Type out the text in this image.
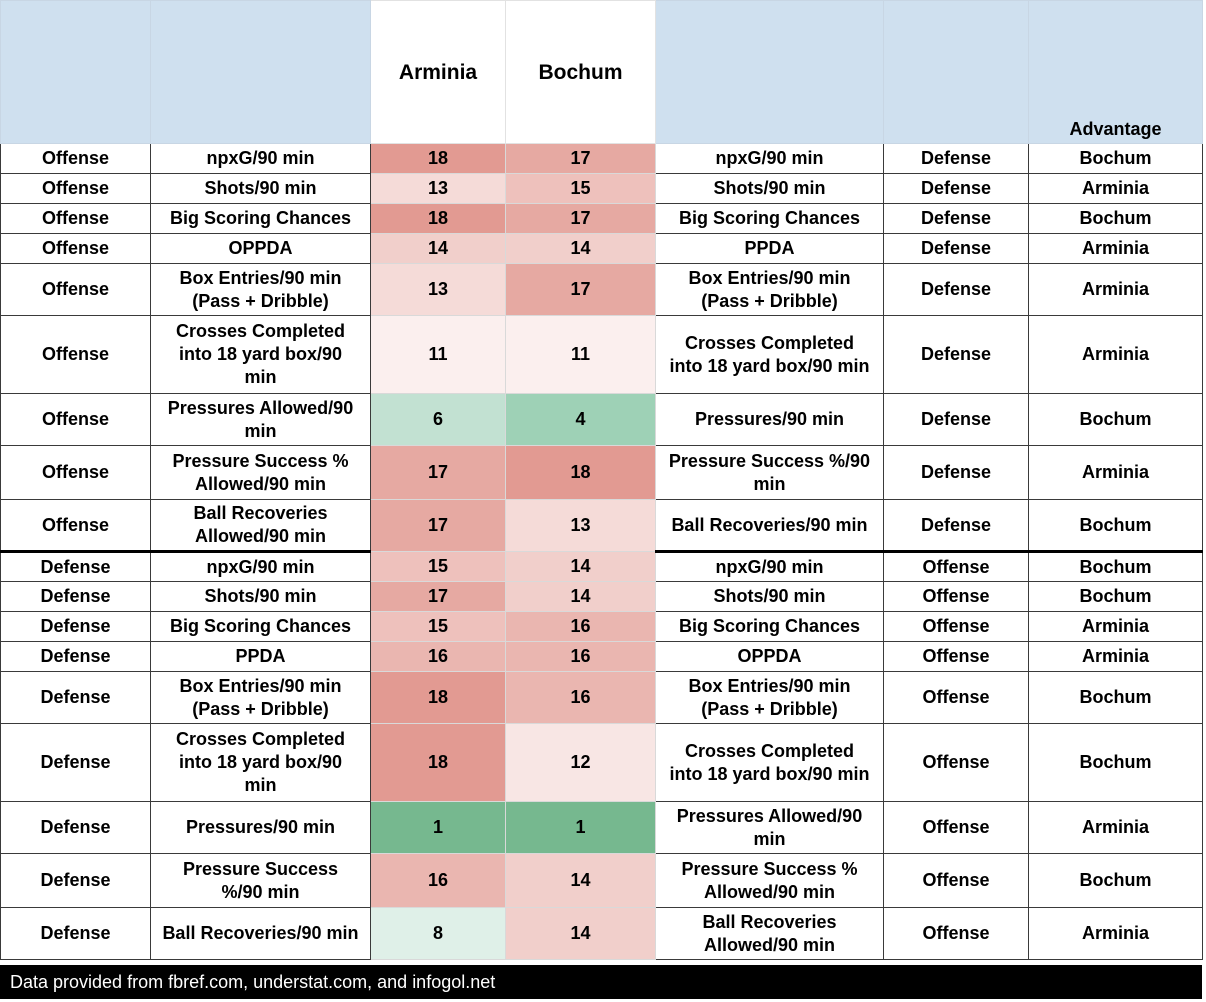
		Arminia	Bochum			Advantage
Offense	npxG/90 min	18	17	npxG/90 min	Defense	Bochum
Offense	Shots/90 min	13	15	Shots/90 min	Defense	Arminia
Offense	Big Scoring Chances	18	17	Big Scoring Chances	Defense	Bochum
Offense	OPPDA	14	14	PPDA	Defense	Arminia
Offense	Box Entries/90 min
(Pass + Dribble)	13	17	Box Entries/90 min
(Pass + Dribble)	Defense	Arminia
Offense	Crosses Completed
into 18 yard box/90
min	11	11	Crosses Completed
into 18 yard box/90 min	Defense	Arminia
Offense	Pressures Allowed/90
min	6	4	Pressures/90 min	Defense	Bochum
Offense	Pressure Success %
Allowed/90 min	17	18	Pressure Success %/90
min	Defense	Arminia
Offense	Ball Recoveries
Allowed/90 min	17	13	Ball Recoveries/90 min	Defense	Bochum
Defense	npxG/90 min	15	14	npxG/90 min	Offense	Bochum
Defense	Shots/90 min	17	14	Shots/90 min	Offense	Bochum
Defense	Big Scoring Chances	15	16	Big Scoring Chances	Offense	Arminia
Defense	PPDA	16	16	OPPDA	Offense	Arminia
Defense	Box Entries/90 min
(Pass + Dribble)	18	16	Box Entries/90 min
(Pass + Dribble)	Offense	Bochum
Defense	Crosses Completed
into 18 yard box/90
min	18	12	Crosses Completed
into 18 yard box/90 min	Offense	Bochum
Defense	Pressures/90 min	1	1	Pressures Allowed/90
min	Offense	Arminia
Defense	Pressure Success
%/90 min	16	14	Pressure Success %
Allowed/90 min	Offense	Bochum
Defense	Ball Recoveries/90 min	8	14	Ball Recoveries
Allowed/90 min	Offense	Arminia
Data provided from fbref.com, understat.com, and infogol.net
